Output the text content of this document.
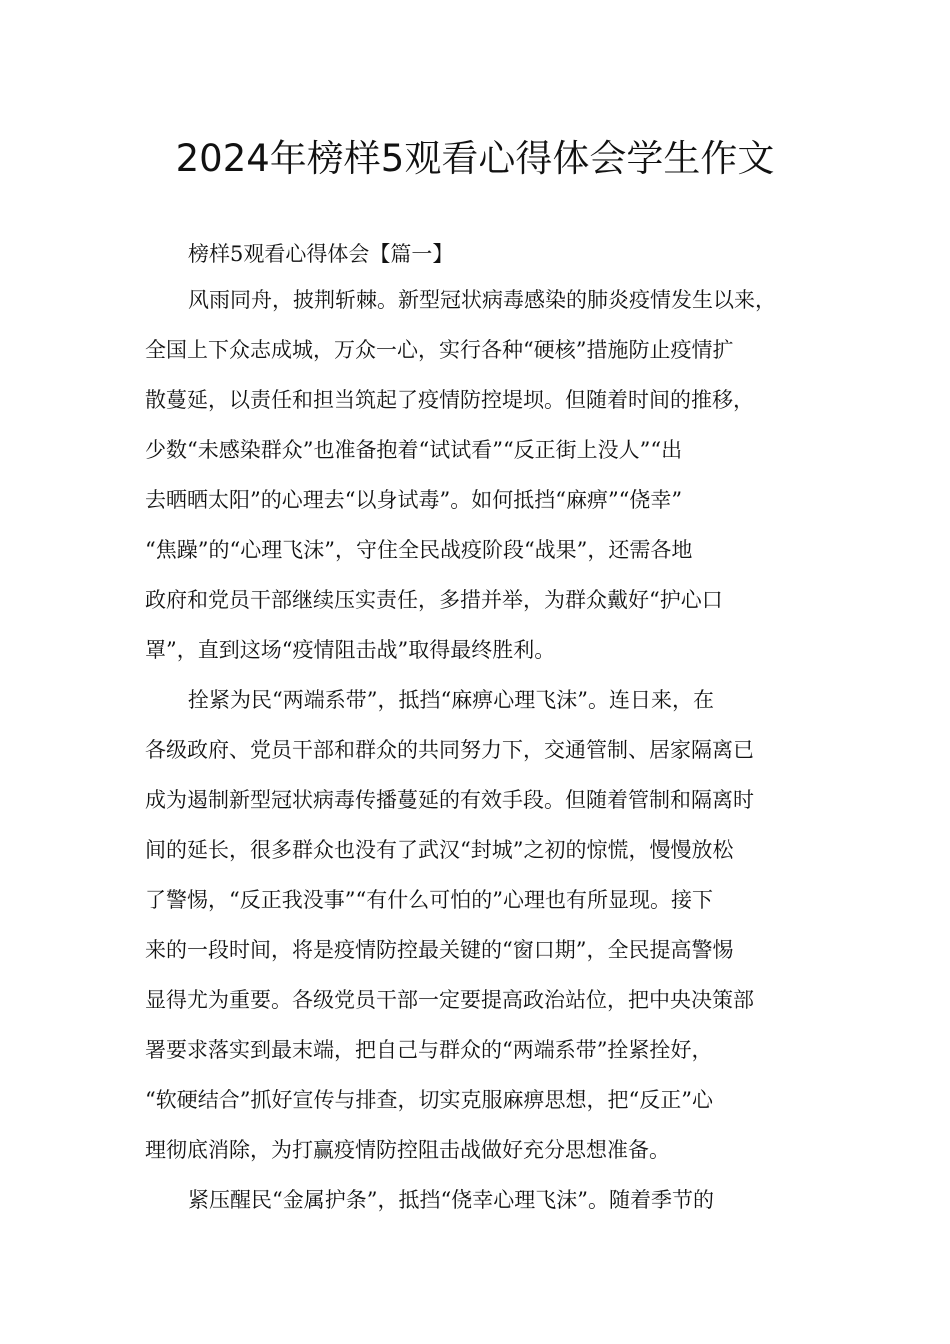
2024年榜样5观看心得体会学生作文

榜样5观看心得体会【篇一】

风雨同舟，披荆斩棘。新型冠状病毒感染的肺炎疫情发生以来，
全国上下众志成城，万众一心，实行各种“硬核”措施防止疫情扩
散蔓延，以责任和担当筑起了疫情防控堤坝。但随着时间的推移，
少数“未感染群众”也准备抱着“试试看”“反正街上没人”“出
去晒晒太阳”的心理去“以身试毒”。如何抵挡“麻痹”“侥幸”
“焦躁”的“心理飞沫”，守住全民战疫阶段“战果”，还需各地
政府和党员干部继续压实责任，多措并举，为群众戴好“护心口
罩”，直到这场“疫情阻击战”取得最终胜利。
拴紧为民“两端系带”，抵挡“麻痹心理飞沫”。连日来，在
各级政府、党员干部和群众的共同努力下，交通管制、居家隔离已
成为遏制新型冠状病毒传播蔓延的有效手段。但随着管制和隔离时
间的延长，很多群众也没有了武汉“封城”之初的惊慌，慢慢放松
了警惕，“反正我没事”“有什么可怕的”心理也有所显现。接下
来的一段时间，将是疫情防控最关键的“窗口期”，全民提高警惕
显得尤为重要。各级党员干部一定要提高政治站位，把中央决策部
署要求落实到最末端，把自己与群众的“两端系带”拴紧拴好，
“软硬结合”抓好宣传与排查，切实克服麻痹思想，把“反正”心
理彻底消除，为打赢疫情防控阻击战做好充分思想准备。
紧压醒民“金属护条”，抵挡“侥幸心理飞沫”。随着季节的
